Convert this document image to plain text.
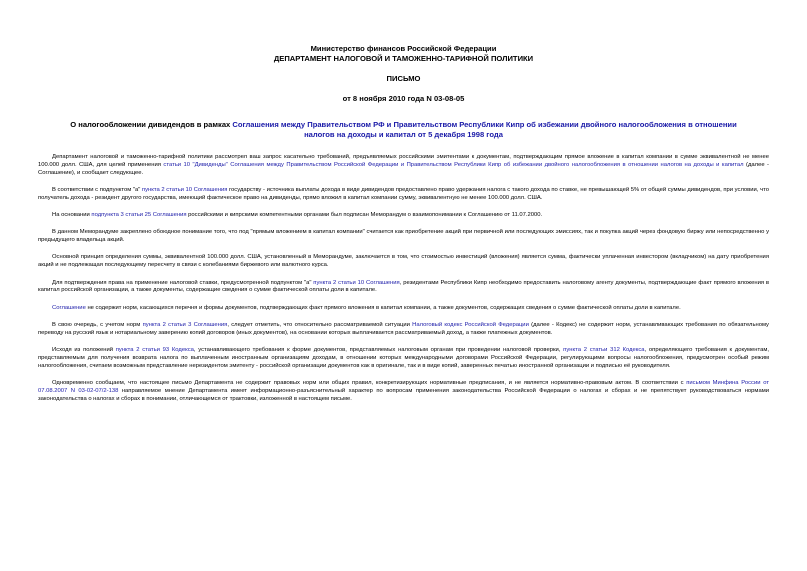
Министерство финансов Российской Федерации
ДЕПАРТАМЕНТ НАЛОГОВОЙ И ТАМОЖЕННО-ТАРИФНОЙ ПОЛИТИКИ
ПИСЬМО
от 8 ноября 2010 года N 03-08-05
О налогообложении дивидендов в рамках Соглашения между Правительством РФ и Правительством Республики Кипр об избежании двойного налогообложения в отношении налогов на доходы и капитал от 5 декабря 1998 года

Департамент налоговой и таможенно-тарифной политики рассмотрел ваш запрос касательно требований, предъявляемых российскими эмитентами к документам, подтверждающим прямое вложение в капитал компании в сумме эквивалентной не менее 100.000 долл. США, для целей применения статьи 10 "Дивиденды" Соглашения между Правительством Российской Федерации и Правительством Республики Кипр об избежании двойного налогообложения в отношении налогов на доходы и капитал (далее - Соглашение), и сообщает следующее.

В соответствии с подпунктом "a" пункта 2 статьи 10 Соглашения государству - источника выплаты дохода в виде дивидендов предоставлено право удержания налога с такого дохода по ставке, не превышающей 5% от общей суммы дивидендов, при условии, что получатель дохода - резидент другого государства, имеющий фактическое право на дивиденды, прямо вложил в капитал компании сумму, эквивалентную не менее 100.000 долл. США.

На основании подпункта 3 статьи 25 Соглашения российскими и кипрскими компетентными органами был подписан Меморандум о взаимопонимании к Соглашению от 11.07.2000.

В данном Меморандуме закреплено обоюдное понимание того, что под "прямым вложением в капитал компании" считается как приобретение акций при первичной или последующих эмиссиях, так и покупка акций через фондовую биржу или непосредственно у предыдущего владельца акций.

Основной принцип определения суммы, эквивалентной 100.000 долл. США, установленный в Меморандуме, заключается в том, что стоимостью инвестиций (вложения) является сумма, фактически уплаченная инвестором (вкладчиком) на дату приобретения акций и не подлежащая последующему пересчету в связи с колебаниями биржевого или валютного курса.

Для подтверждения права на применение налоговой ставки, предусмотренной подпунктом "a" пункта 2 статьи 10 Соглашения, резидентами Республики Кипр необходимо предоставить налоговому агенту документы, подтверждающие факт прямого вложения в капитал российской организации, а также документы, содержащие сведения о сумме фактической оплаты доли в капитале.

Соглашение не содержит норм, касающихся перечня и формы документов, подтверждающих факт прямого вложения в капитал компании, а также документов, содержащих сведения о сумме фактической оплаты доли в капитале.

В свою очередь, с учетом норм пункта 2 статьи 3 Соглашения, следует отметить, что относительно рассматриваемой ситуации Налоговый кодекс Российской Федерации (далее - Кодекс) не содержит норм, устанавливающих требования по обязательному переводу на русский язык и нотариальному заверению копий договоров (иных документов), на основании которых выплачивается рассматриваемый доход, а также платежных документов.

Исходя из положений пункта 2 статьи 93 Кодекса, устанавливающего требования к форме документов, представляемых налоговым органам при проведении налоговой проверки, пункта 2 статьи 312 Кодекса, определяющего требования к документам, представляемым для получения возврата налога по выплаченным иностранным организациям доходам, в отношении которых международными договорами Российской Федерации, регулирующими вопросы налогообложения, предусмотрен особый режим налогообложения, считаем возможным представление нерезидентом эмитенту - российской организации документов как в оригинале, так и в виде копий, заверенных печатью иностранной организации и подписью её руководителя.

Одновременно сообщаем, что настоящее письмо Департамента не содержит правовых норм или общих правил, конкретизирующих нормативные предписания, и не является нормативно-правовым актом. В соответствии с письмом Минфина России от 07.08.2007 N 03-02-07/2-138 направляемое мнение Департамента имеет информационно-разъяснительный характер по вопросам применения законодательства Российской Федерации о налогах и сборах и не препятствует руководствоваться нормами законодательства о налогах и сборах в понимании, отличающемся от трактовки, изложенной в настоящем письме.
